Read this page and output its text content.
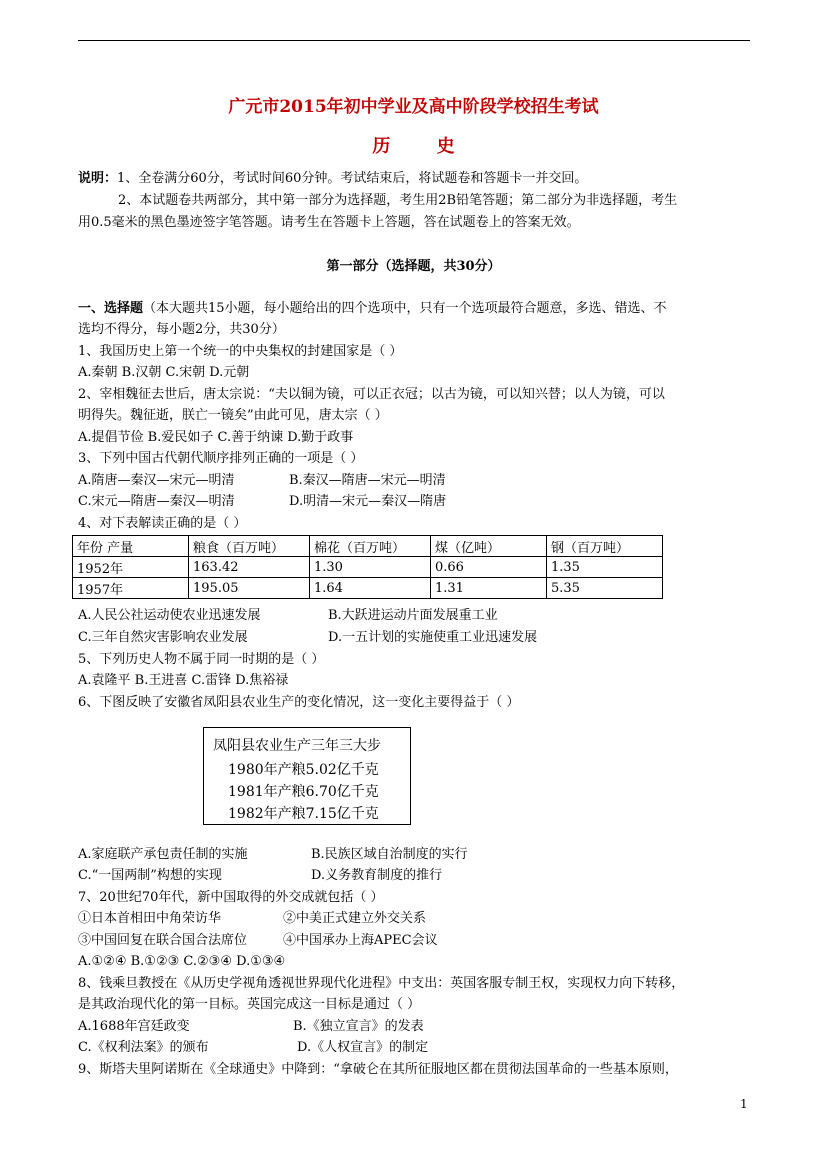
广元市2015年初中学业及高中阶段学校招生考试
历 史
说明：1、全卷满分60分，考试时间60分钟。考试结束后，将试题卷和答题卡一并交回。
2、本试题卷共两部分，其中第一部分为选择题，考生用2B铅笔答题；第二部分为非选择题，考生
用0.5毫米的黑色墨迹签字笔答题。请考生在答题卡上答题，答在试题卷上的答案无效。
第一部分（选择题，共30分）
一、选择题（本大题共15小题，每小题给出的四个选项中，只有一个选项最符合题意，多选、错选、不
选均不得分，每小题2分，共30分）
1、我国历史上第一个统一的中央集权的封建国家是（ ）
A.秦朝 B.汉朝 C.宋朝 D.元朝
2、宰相魏征去世后，唐太宗说：“夫以铜为镜，可以正衣冠；以古为镜，可以知兴替；以人为镜，可以
明得失。魏征逝，朕亡一镜矣”由此可见，唐太宗（ ）
A.提倡节俭 B.爱民如子 C.善于纳谏 D.勤于政事
3、下列中国古代朝代顺序排列正确的一项是（ ）
A.隋唐—秦汉—宋元—明清	B.秦汉—隋唐—宋元—明清
C.宋元—隋唐—秦汉—明清	D.明清—宋元—秦汉—隋唐
4、对下表解读正确的是（ ）
年份 产量	粮食（百万吨）	棉花（百万吨）	煤（亿吨）	钢（百万吨）
1952年	163.42	1.30	0.66	1.35
1957年	195.05	1.64	1.31	5.35
A.人民公社运动使农业迅速发展	B.大跃进运动片面发展重工业
C.三年自然灾害影响农业发展	D.一五计划的实施使重工业迅速发展
5、下列历史人物不属于同一时期的是（ ）
A.袁隆平 B.王进喜 C.雷锋 D.焦裕禄
6、下图反映了安徽省凤阳县农业生产的变化情况，这一变化主要得益于（ ）
凤阳县农业生产三年三大步
1980年产粮5.02亿千克
1981年产粮6.70亿千克
1982年产粮7.15亿千克
A.家庭联产承包责任制的实施	B.民族区域自治制度的实行
C.“一国两制”构想的实现	D.义务教育制度的推行
7、20世纪70年代，新中国取得的外交成就包括（ ）
①日本首相田中角荣访华	②中美正式建立外交关系
③中国回复在联合国合法席位	④中国承办上海APEC会议
A.①②④ B.①②③ C.②③④ D.①③④
8、钱乘旦教授在《从历史学视角透视世界现代化进程》中支出：英国客服专制王权，实现权力向下转移，
是其政治现代化的第一目标。英国完成这一目标是通过（ ）
A.1688年宫廷政变	B.《独立宣言》的发表
C.《权利法案》的颁布	D.《人权宣言》的制定
9、斯塔夫里阿诺斯在《全球通史》中降到：“拿破仑在其所征服地区都在贯彻法国革命的一些基本原则，
1
